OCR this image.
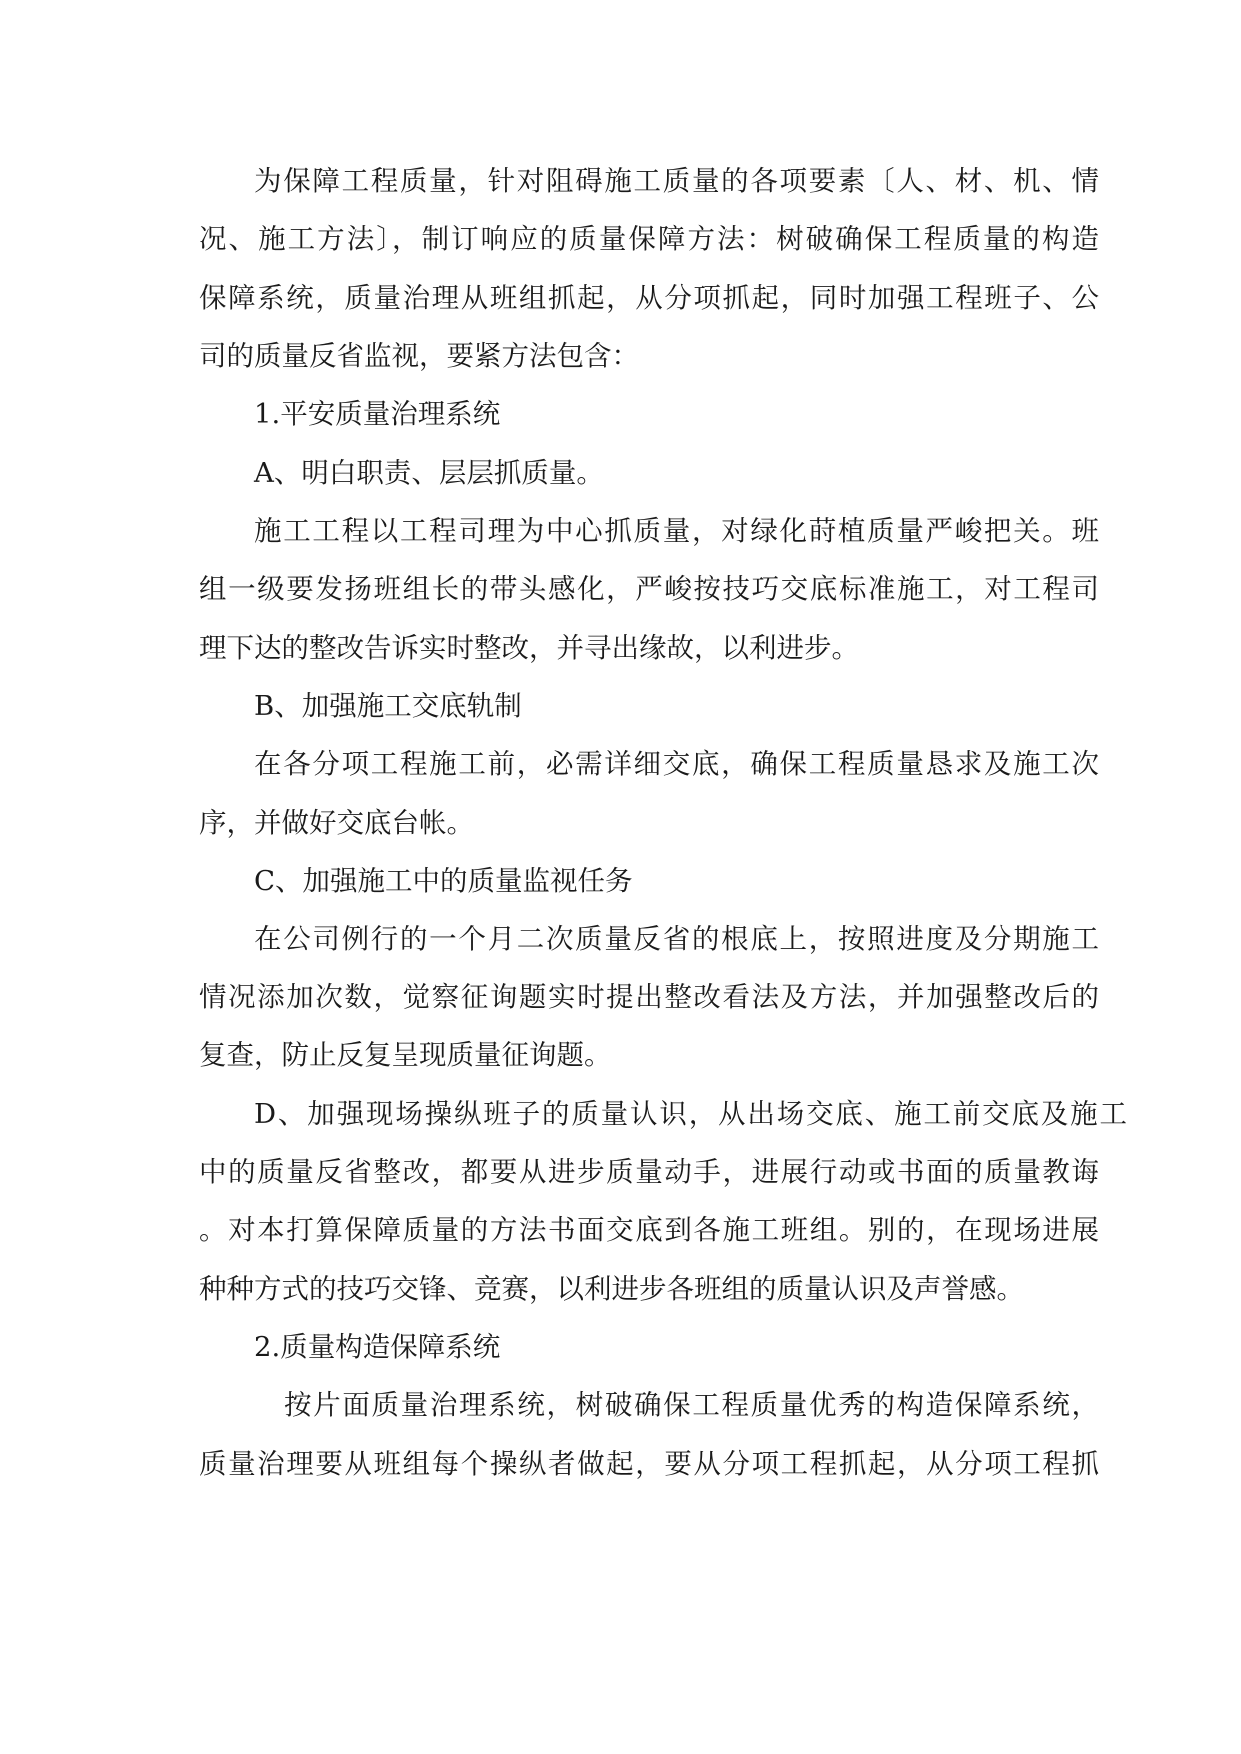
为保障工程质量，针对阻碍施工质量的各项要素〔人、材、机、情
况、施工方法〕，制订响应的质量保障方法：树破确保工程质量的构造
保障系统，质量治理从班组抓起，从分项抓起，同时加强工程班子、公
司的质量反省监视，要紧方法包含：
1.平安质量治理系统
A、明白职责、层层抓质量。
施工工程以工程司理为中心抓质量，对绿化莳植质量严峻把关。班
组一级要发扬班组长的带头感化，严峻按技巧交底标准施工，对工程司
理下达的整改告诉实时整改，并寻出缘故，以利进步。
B、加强施工交底轨制
在各分项工程施工前，必需详细交底，确保工程质量恳求及施工次
序，并做好交底台帐。
C、加强施工中的质量监视任务
在公司例行的一个月二次质量反省的根底上，按照进度及分期施工
情况添加次数，觉察征询题实时提出整改看法及方法，并加强整改后的
复查，防止反复呈现质量征询题。
D、加强现场操纵班子的质量认识，从出场交底、施工前交底及施工
中的质量反省整改，都要从进步质量动手，进展行动或书面的质量教诲
。对本打算保障质量的方法书面交底到各施工班组。别的，在现场进展
种种方式的技巧交锋、竞赛，以利进步各班组的质量认识及声誉感。
2.质量构造保障系统
按片面质量治理系统，树破确保工程质量优秀的构造保障系统，
质量治理要从班组每个操纵者做起，要从分项工程抓起，从分项工程抓
